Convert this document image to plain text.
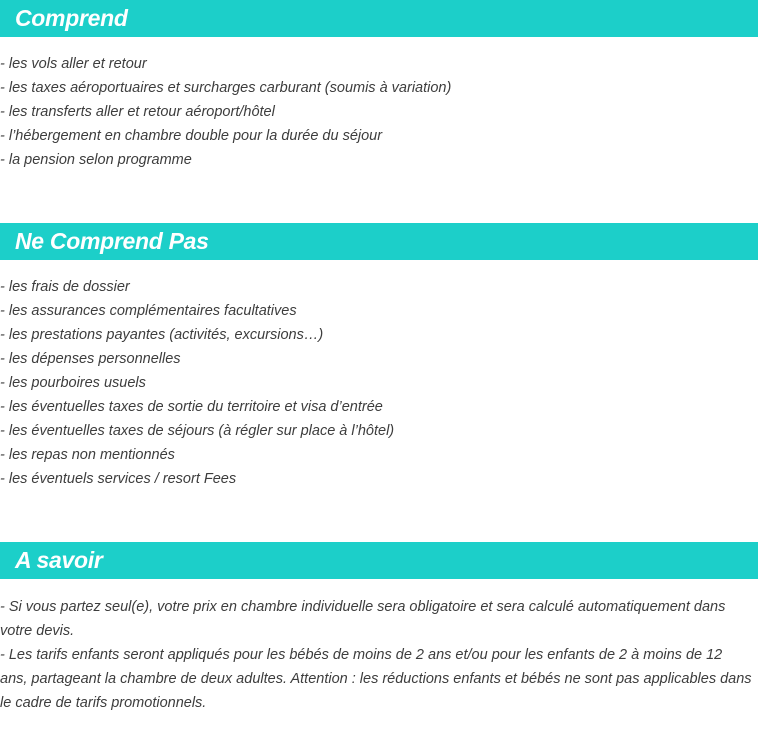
Comprend
- les vols aller et retour
- les taxes aéroportuaires et surcharges carburant (soumis à variation)
- les transferts aller et retour aéroport/hôtel
- l’hébergement en chambre double pour la durée du séjour
- la pension selon programme
Ne Comprend Pas
- les frais de dossier
- les assurances complémentaires facultatives
- les prestations payantes (activités, excursions…)
- les dépenses personnelles
- les pourboires usuels
- les éventuelles taxes de sortie du territoire et visa d’entrée
- les éventuelles taxes de séjours (à régler sur place à l’hôtel)
- les repas non mentionnés
- les éventuels services / resort Fees
A savoir

- Si vous partez seul(e), votre prix en chambre individuelle sera obligatoire et sera calculé automatiquement dans votre devis.

- Les tarifs enfants seront appliqués pour les bébés de moins de 2 ans et/ou pour les enfants de 2 à moins de 12 ans, partageant la chambre de deux adultes. Attention : les réductions enfants et bébés ne sont pas applicables dans le cadre de tarifs promotionnels.
